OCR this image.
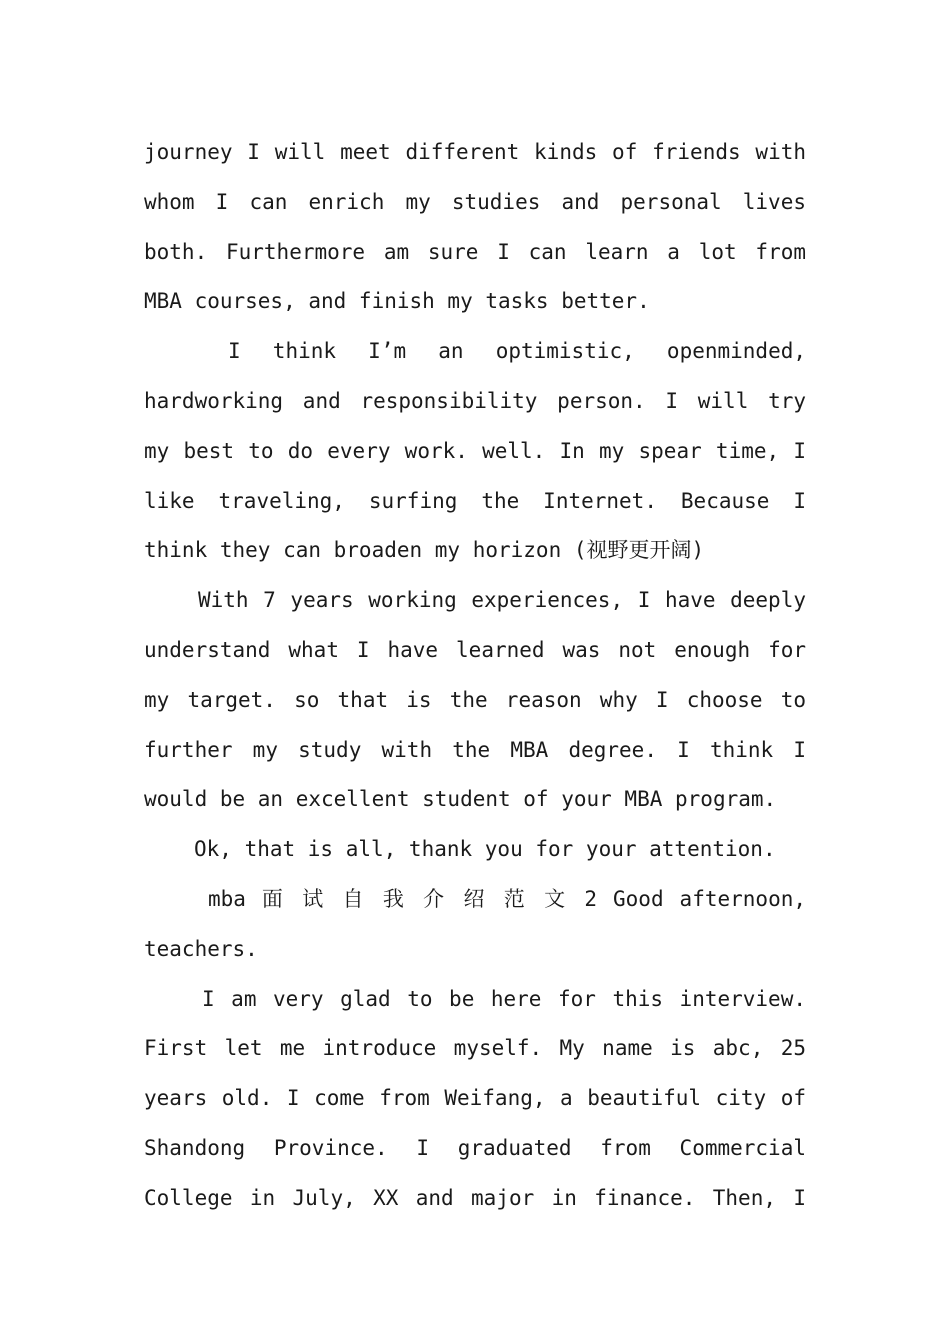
journey I will meet different kinds of friends with
whom I can enrich my studies and personal lives
both. Furthermore am sure I can learn a lot from
MBA courses, and finish my tasks better.
I think I’m an optimistic, openminded,
hardworking and responsibility person. I will try
my best to do every work. well. In my spear time, I
like traveling, surfing the Internet. Because I
think they can broaden my horizon (视野更开阔)
With 7 years working experiences, I have deeply
understand what I have learned was not enough for
my target. so that is the reason why I choose to
further my study with the MBA degree. I think I
would be an excellent student of your MBA program.
Ok, that is all, thank you for your attention.
mba 面 试 自 我 介 绍 范 文 2 Good afternoon,
teachers.
I am very glad to be here for this interview.
First let me introduce myself. My name is abc, 25
years old. I come from Weifang, a beautiful city of
Shandong Province. I graduated from Commercial
College in July, XX and major in finance. Then, I
